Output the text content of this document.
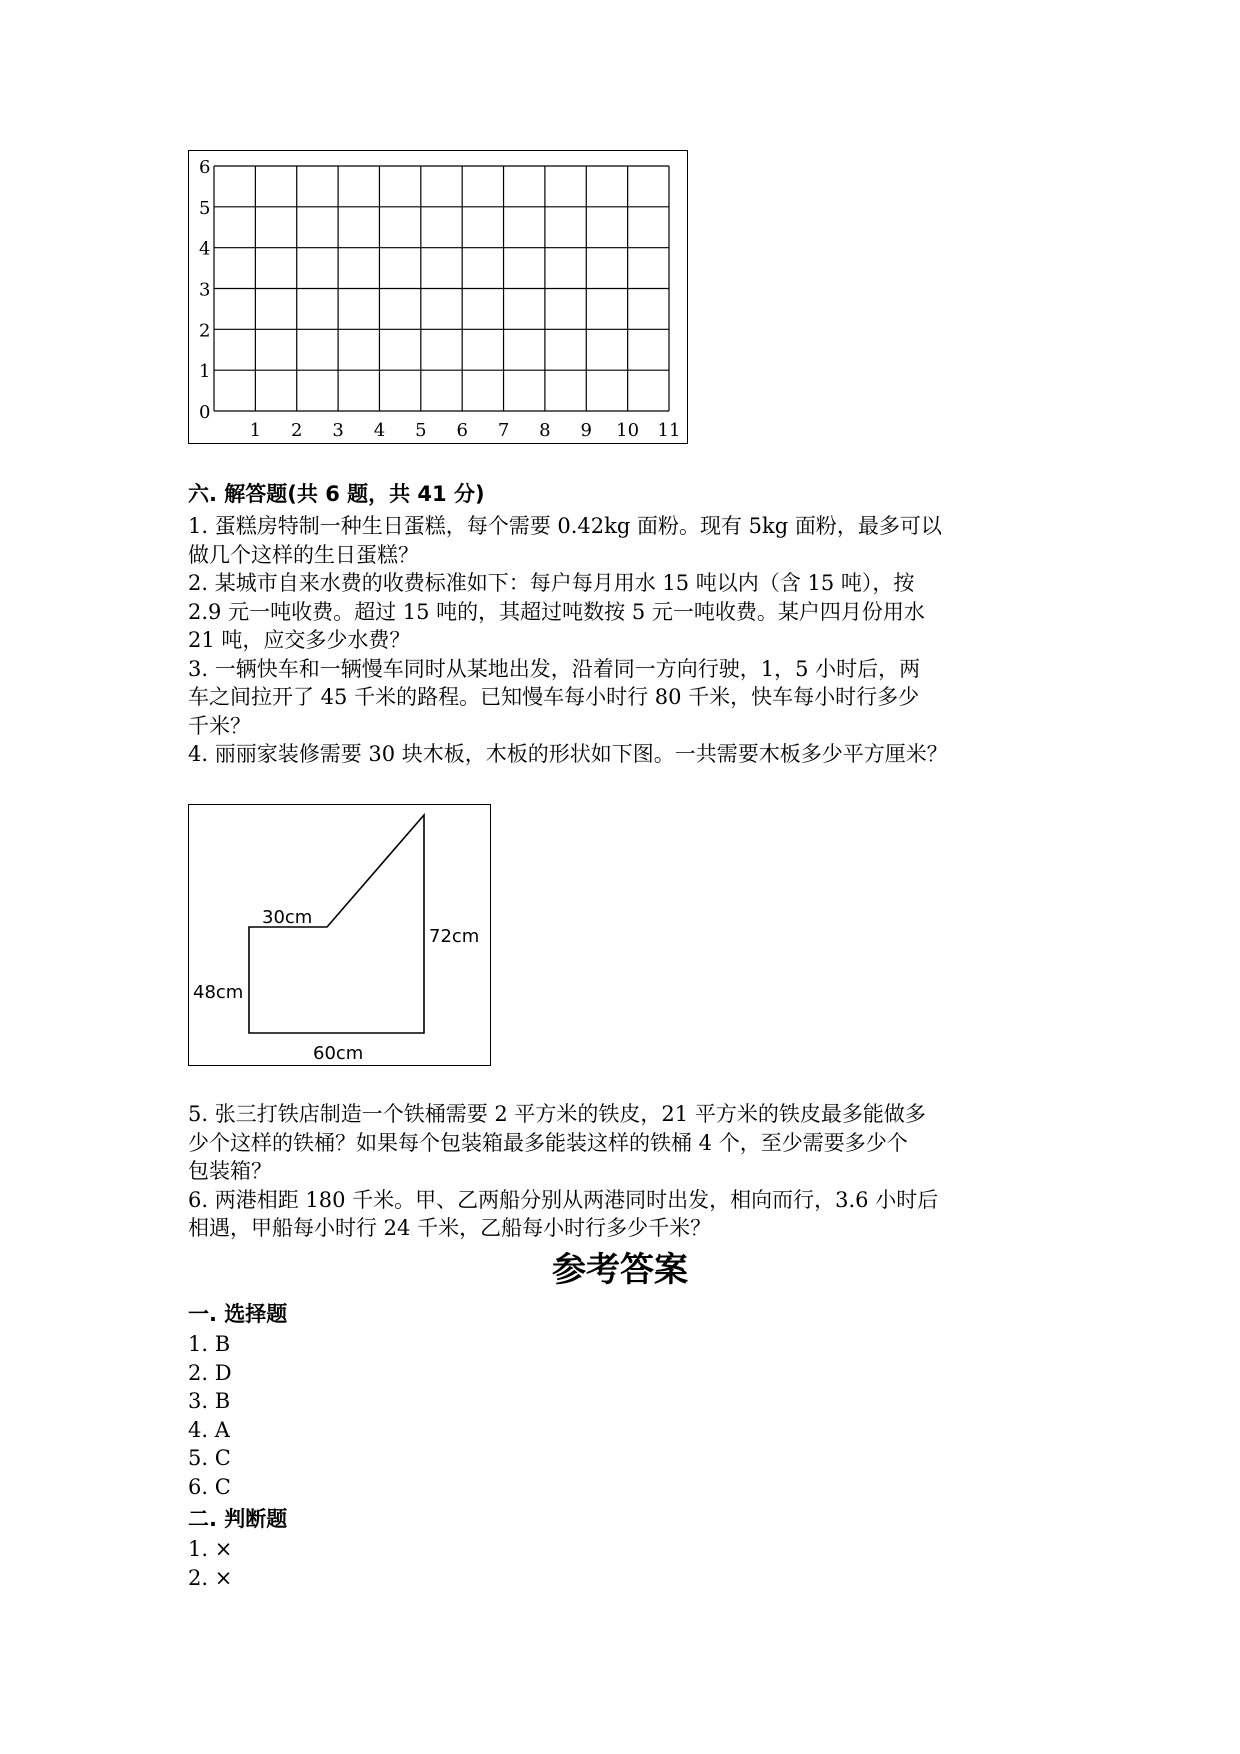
0
1
2
3
4
5
6
1 2 3 4 5 6 7 8 9 10 11
六. 解答题(共 6 题，共 41 分)

1. 蛋糕房特制一种生日蛋糕，每个需要 0.42kg 面粉。现有 5kg 面粉，最多可以

做几个这样的生日蛋糕？

2. 某城市自来水费的收费标准如下：每户每月用水 15 吨以内（含 15 吨），按

2.9 元一吨收费。超过 15 吨的，其超过吨数按 5 元一吨收费。某户四月份用水

21 吨，应交多少水费？

3. 一辆快车和一辆慢车同时从某地出发，沿着同一方向行驶，1，5 小时后，两

车之间拉开了 45 千米的路程。已知慢车每小时行 80 千米，快车每小时行多少

千米？

4. 丽丽家装修需要 30 块木板，木板的形状如下图。一共需要木板多少平方厘米？

30cm
72cm
48cm
60cm

5. 张三打铁店制造一个铁桶需要 2 平方米的铁皮，21 平方米的铁皮最多能做多

少个这样的铁桶？如果每个包装箱最多能装这样的铁桶 4 个，至少需要多少个

包装箱？

6. 两港相距 180 千米。甲、乙两船分别从两港同时出发，相向而行，3.6 小时后

相遇，甲船每小时行 24 千米，乙船每小时行多少千米？

参考答案
一. 选择题
1. B
2. D
3. B
4. A
5. C
6. C
二. 判断题
1. ×
2. ×
